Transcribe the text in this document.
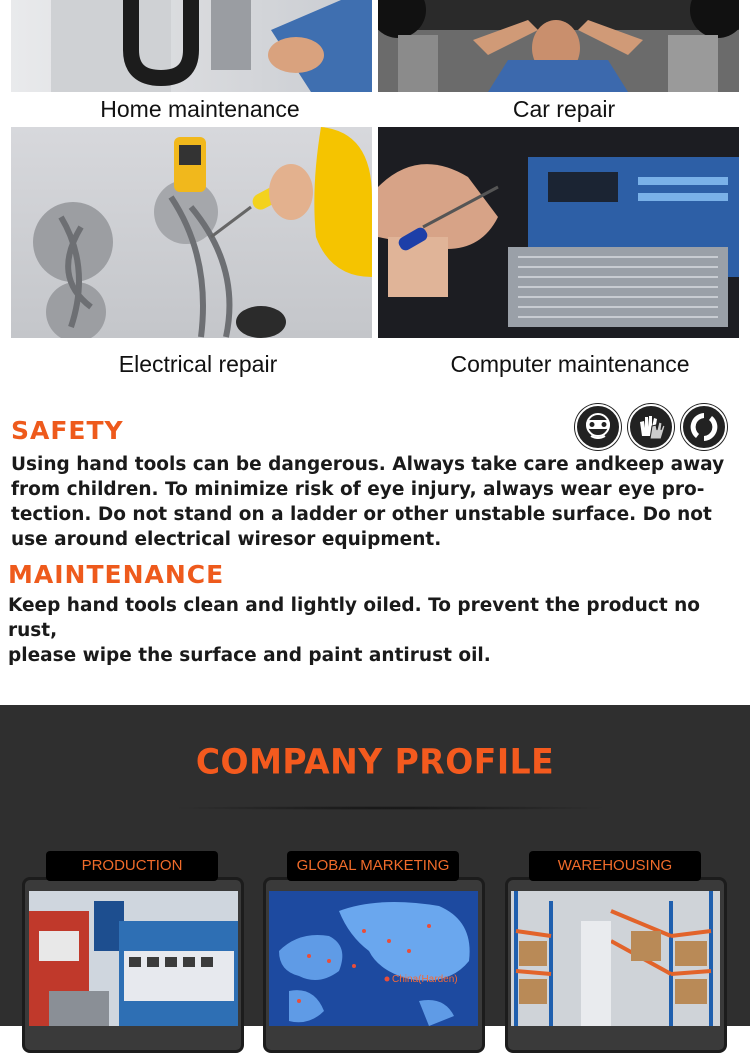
Home maintenance	Car repair
Electrical repair	Computer maintenance
SAFETY
Using hand tools can be dangerous. Always take care andkeep away
from children. To minimize risk of eye injury, always wear eye pro-
tection. Do not stand on a ladder or other unstable surface. Do not
use around electrical wiresor equipment.
MAINTENANCE
Keep hand tools clean and lightly oiled. To prevent the product no rust,
please wipe the surface and paint antirust oil.
COMPANY PROFILE
PRODUCTION	GLOBAL MARKETING
China(Harden)
WAREHOUSING
